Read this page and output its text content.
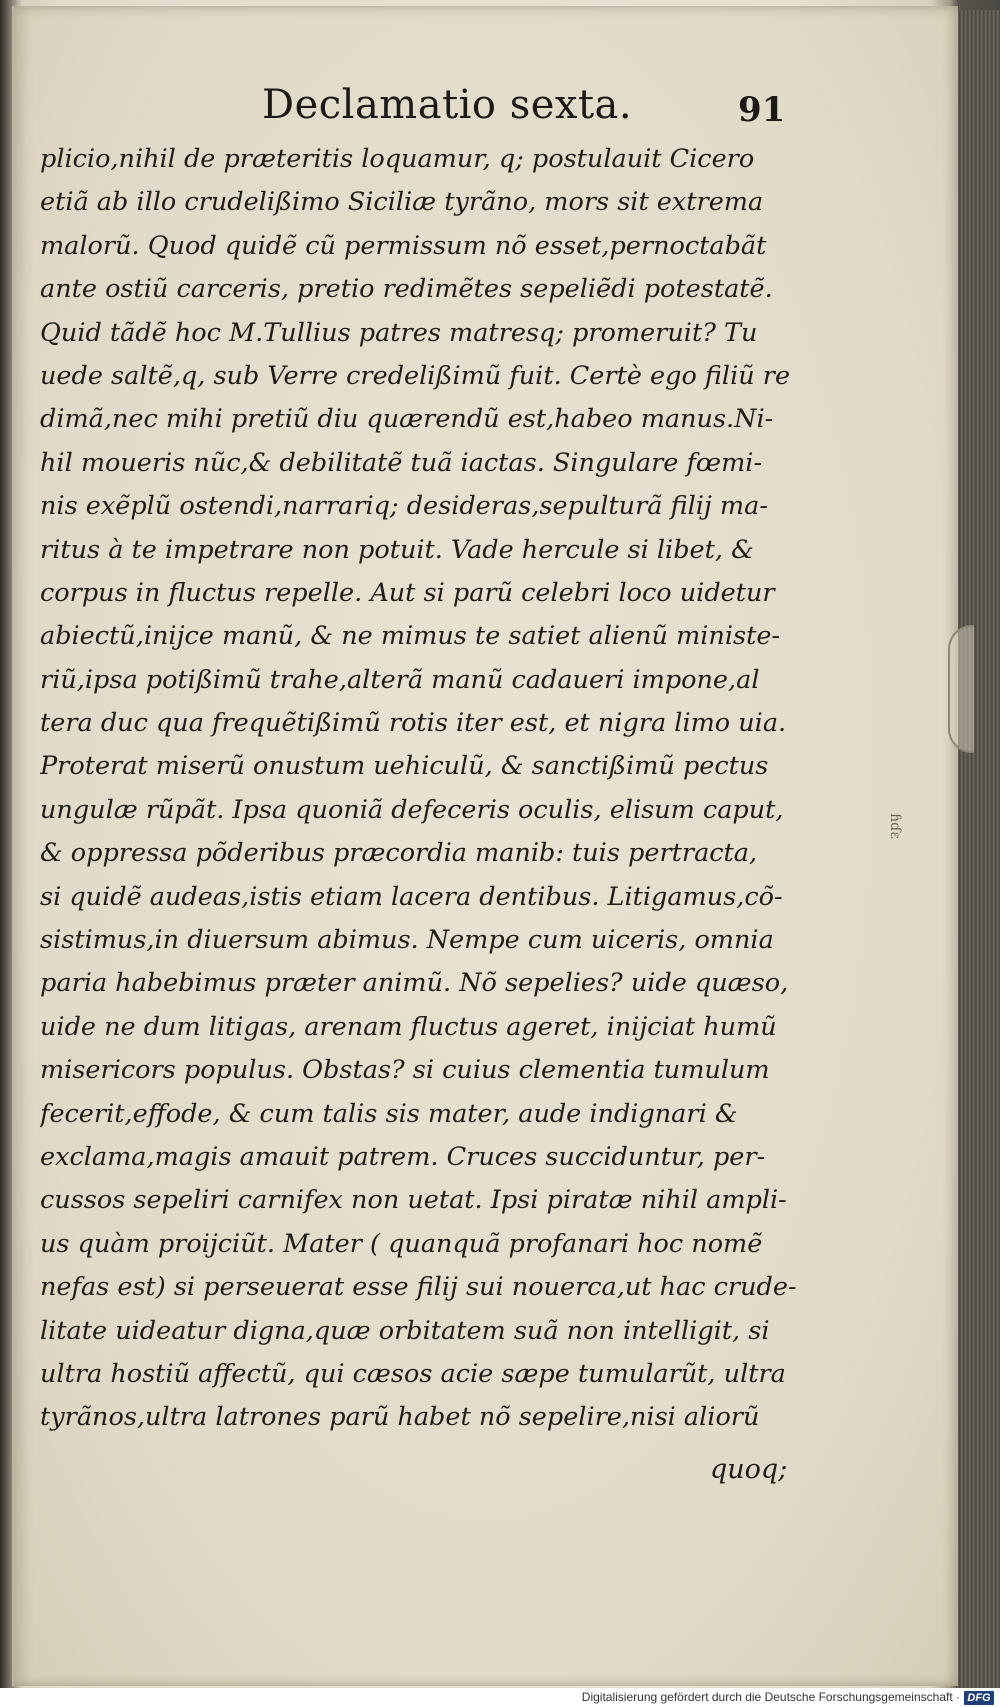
Declamatio sexta.	91
plicio,nihil de præteritis loquamur, q; postulauit Cicero
etiã ab illo crudelißimo Siciliæ tyrãno, mors sit extrema
malorũ. Quod quidẽ cũ permissum nõ esset,pernoctabãt
ante ostiũ carceris, pretio redimẽtes sepeliẽdi potestatẽ.
Quid tãdẽ hoc M.Tullius patres matresq; promeruit? Tu
uede saltẽ,q, sub Verre credelißimũ fuit. Certè ego filiũ re
dimã,nec mihi pretiũ diu quærendũ est,habeo manus.Ni-
hil moueris nũc,& debilitatẽ tuã iactas. Singulare fœmi-
nis exẽplũ ostendi,narrariq; desideras,sepulturã filij ma-
ritus à te impetrare non potuit. Vade hercule si libet, &
corpus in fluctus repelle. Aut si parũ celebri loco uidetur
abiectũ,inijce manũ, & ne mimus te satiet alienũ ministe-
riũ,ipsa potißimũ trahe,alterã manũ cadaueri impone,al
tera duc qua frequẽtißimũ rotis iter est, et nigra limo uia.
Proterat miserũ onustum uehiculũ, & sanctißimũ pectus
ungulæ rũpãt. Ipsa quoniã defeceris oculis, elisum caput,
& oppressa põderibus præcordia manib: tuis pertracta,
si quidẽ audeas,istis etiam lacera dentibus. Litigamus,cõ-
sistimus,in diuersum abimus. Nempe cum uiceris, omnia
paria habebimus præter animũ. Nõ sepelies? uide quæso,
uide ne dum litigas, arenam fluctus ageret, inijciat humũ
misericors populus. Obstas? si cuius clementia tumulum
fecerit,effode, & cum talis sis mater, aude indignari &
exclama,magis amauit patrem. Cruces succiduntur, per-
cussos sepeliri carnifex non uetat. Ipsi piratæ nihil ampli-
us quàm proijciũt. Mater ( quanquã profanari hoc nomẽ
nefas est) si perseuerat esse filij sui nouerca,ut hac crude-
litate uideatur digna,quæ orbitatem suã non intelligit, si
ultra hostiũ affectũ, qui cæsos acie sæpe tumularũt, ultra
tyrãnos,ultra latrones parũ habet nõ sepelire,nisi aliorũ
quoq;
ɦɗɛ
Digitalisierung gefördert durch die Deutsche Forschungsgemeinschaft · DFG
